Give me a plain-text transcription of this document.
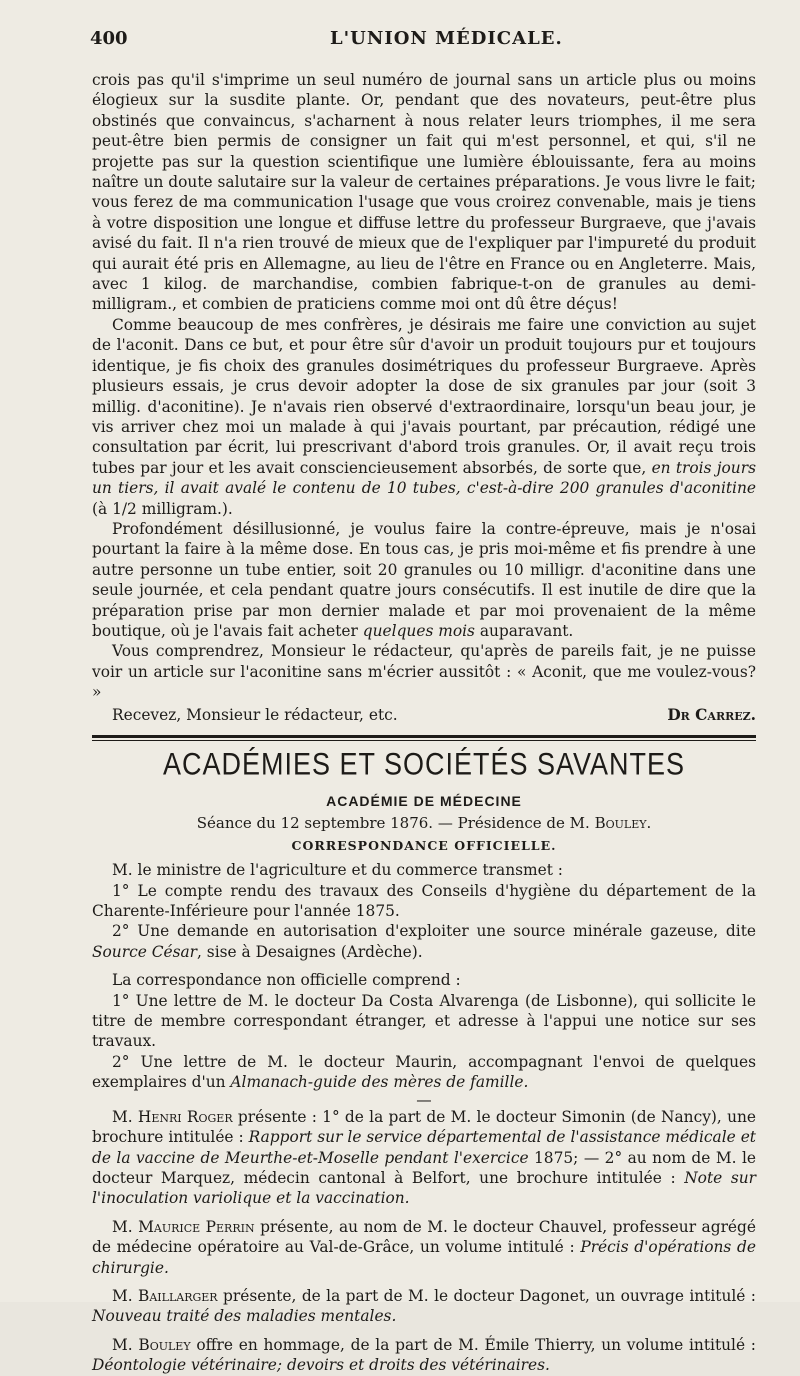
400	L'UNION MÉDICALE.

crois pas qu'il s'imprime un seul numéro de journal sans un article plus ou moins élogieux sur la susdite plante. Or, pendant que des novateurs, peut-être plus obstinés que convaincus, s'acharnent à nous relater leurs triomphes, il me sera peut-être bien permis de consigner un fait qui m'est personnel, et qui, s'il ne projette pas sur la question scientifique une lumière éblouissante, fera au moins naître un doute salutaire sur la valeur de certaines préparations. Je vous livre le fait; vous ferez de ma communication l'usage que vous croirez convenable, mais je tiens à votre disposition une longue et diffuse lettre du professeur Burgraeve, que j'avais avisé du fait. Il n'a rien trouvé de mieux que de l'expliquer par l'impureté du produit qui aurait été pris en Allemagne, au lieu de l'être en France ou en Angleterre. Mais, avec 1 kilog. de marchandise, combien fabrique-t-on de granules au demi-milligram., et combien de praticiens comme moi ont dû être déçus!

Comme beaucoup de mes confrères, je désirais me faire une conviction au sujet de l'aconit. Dans ce but, et pour être sûr d'avoir un produit toujours pur et toujours identique, je fis choix des granules dosimétriques du professeur Burgraeve. Après plusieurs essais, je crus devoir adopter la dose de six granules par jour (soit 3 millig. d'aconitine). Je n'avais rien observé d'extraordinaire, lorsqu'un beau jour, je vis arriver chez moi un malade à qui j'avais pourtant, par précaution, rédigé une consultation par écrit, lui prescrivant d'abord trois granules. Or, il avait reçu trois tubes par jour et les avait consciencieusement absorbés, de sorte que, en trois jours un tiers, il avait avalé le contenu de 10 tubes, c'est-à-dire 200 granules d'aconitine (à 1/2 milligram.).

Profondément désillusionné, je voulus faire la contre-épreuve, mais je n'osai pourtant la faire à la même dose. En tous cas, je pris moi-même et fis prendre à une autre personne un tube entier, soit 20 granules ou 10 milligr. d'aconitine dans une seule journée, et cela pendant quatre jours consécutifs. Il est inutile de dire que la préparation prise par mon dernier malade et par moi provenaient de la même boutique, où je l'avais fait acheter quelques mois auparavant.

Vous comprendrez, Monsieur le rédacteur, qu'après de pareils fait, je ne puisse voir un article sur l'aconitine sans m'écrier aussitôt : « Aconit, que me voulez-vous? »

Recevez, Monsieur le rédacteur, etc.	Dr Carrez.
ACADÉMIES ET SOCIÉTÉS SAVANTES
ACADÉMIE DE MÉDECINE
Séance du 12 septembre 1876. — Présidence de M. Bouley.
CORRESPONDANCE OFFICIELLE.

M. le ministre de l'agriculture et du commerce transmet :

1° Le compte rendu des travaux des Conseils d'hygiène du département de la Charente-Inférieure pour l'année 1875.

2° Une demande en autorisation d'exploiter une source minérale gazeuse, dite Source César, sise à Desaignes (Ardèche).

La correspondance non officielle comprend :

1° Une lettre de M. le docteur Da Costa Alvarenga (de Lisbonne), qui sollicite le titre de membre correspondant étranger, et adresse à l'appui une notice sur ses travaux.

2° Une lettre de M. le docteur Maurin, accompagnant l'envoi de quelques exemplaires d'un Almanach-guide des mères de famille.

—

M. Henri Roger présente : 1° de la part de M. le docteur Simonin (de Nancy), une brochure intitulée : Rapport sur le service départemental de l'assistance médicale et de la vaccine de Meurthe-et-Moselle pendant l'exercice 1875; — 2° au nom de M. le docteur Marquez, médecin cantonal à Belfort, une brochure intitulée : Note sur l'inoculation variolique et la vaccination.

M. Maurice Perrin présente, au nom de M. le docteur Chauvel, professeur agrégé de médecine opératoire au Val-de-Grâce, un volume intitulé : Précis d'opérations de chirurgie.

M. Baillarger présente, de la part de M. le docteur Dagonet, un ouvrage intitulé : Nouveau traité des maladies mentales.

M. Bouley offre en hommage, de la part de M. Émile Thierry, un volume intitulé : Déontologie vétérinaire; devoirs et droits des vétérinaires.
